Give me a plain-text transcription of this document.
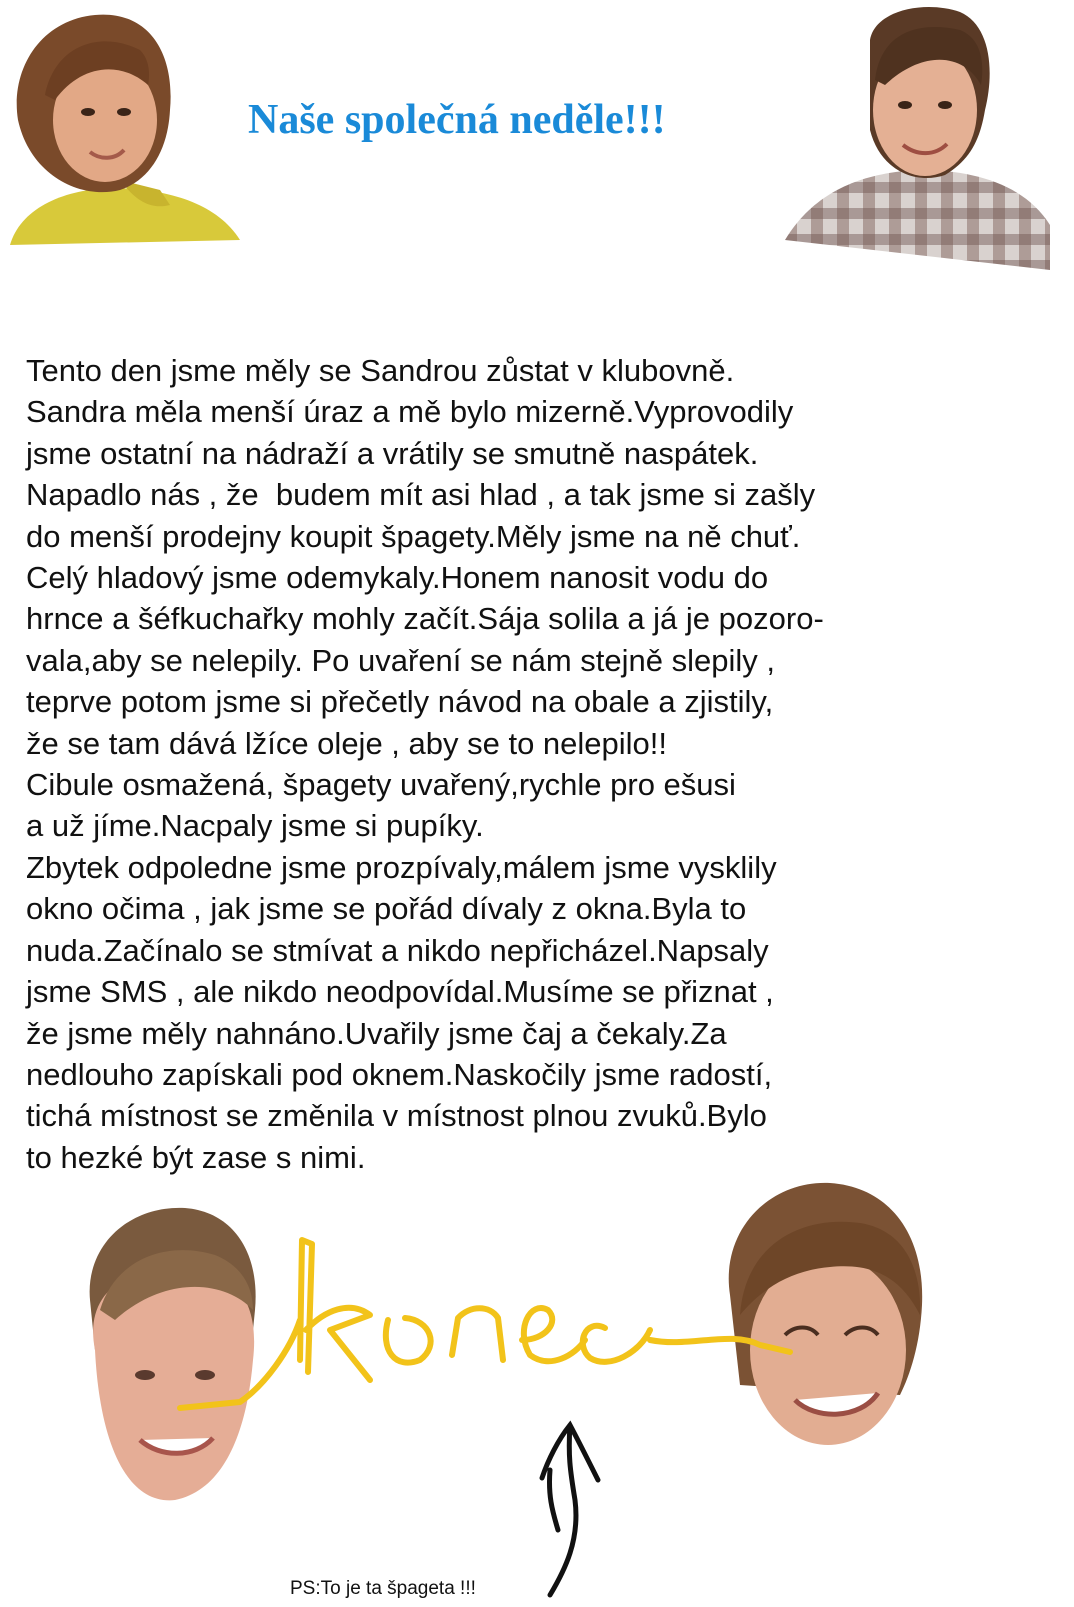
Naše společná neděle!!!
Tento den jsme měly se Sandrou zůstat v klubovně.
Sandra měla menší úraz a mě bylo mizerně.Vyprovodily
jsme ostatní na nádraží a vrátily se smutně naspátek.
Napadlo nás , že  budem mít asi hlad , a tak jsme si zašly
do menší prodejny koupit špagety.Měly jsme na ně chuť.
Celý hladový jsme odemykaly.Honem nanosit vodu do
hrnce a šéfkuchařky mohly začít.Sája solila a já je pozoro-
vala,aby se nelepily. Po uvaření se nám stejně slepily ,
teprve potom jsme si přečetly návod na obale a zjistily,
že se tam dává lžíce oleje , aby se to nelepilo!!
Cibule osmažená, špagety uvařený,rychle pro ešusi
a už jíme.Nacpaly jsme si pupíky.
Zbytek odpoledne jsme prozpívaly,málem jsme vysklily
okno očima , jak jsme se pořád dívaly z okna.Byla to
nuda.Začínalo se stmívat a nikdo nepřicházel.Napsaly
jsme SMS , ale nikdo neodpovídal.Musíme se přiznat ,
že jsme měly nahnáno.Uvařily jsme čaj a čekaly.Za
nedlouho zapískali pod oknem.Naskočily jsme radostí,
tichá místnost se změnila v místnost plnou zvuků.Bylo
to hezké být zase s nimi.
PS:To je ta špageta !!!
